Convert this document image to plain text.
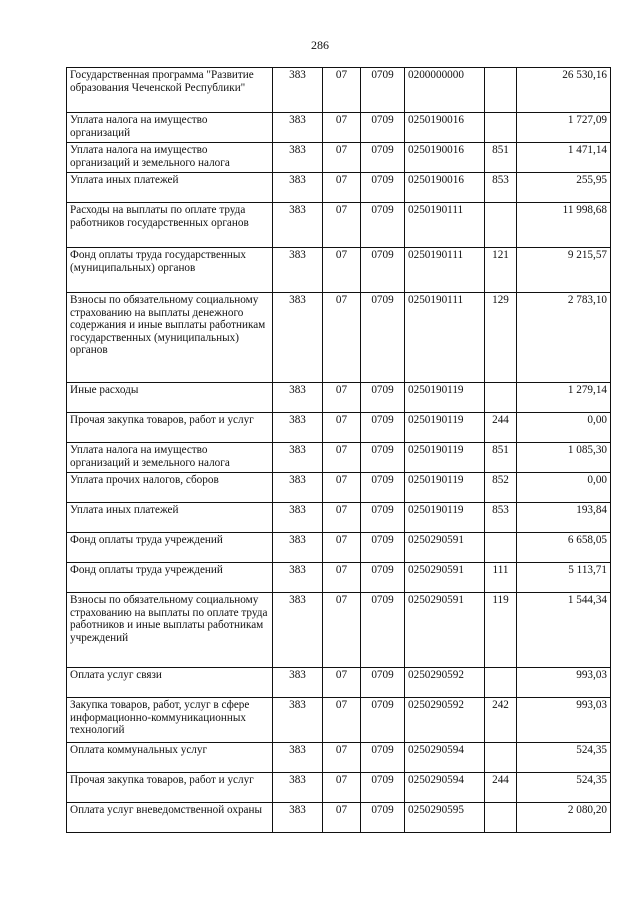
286
Государственная программа "Развитие образования Чеченской Республики"	383	07	0709	0200000000		26 530,16
Уплата налога на имущество организаций	383	07	0709	0250190016		1 727,09
Уплата налога на имущество организаций и земельного налога	383	07	0709	0250190016	851	1 471,14
Уплата иных платежей	383	07	0709	0250190016	853	255,95
Расходы на выплаты по оплате труда работников государственных органов	383	07	0709	0250190111		11 998,68
Фонд оплаты труда государственных (муниципальных) органов	383	07	0709	0250190111	121	9 215,57
Взносы по обязательному социальному страхованию на выплаты денежного содержания и иные выплаты работникам государственных (муниципальных) органов	383	07	0709	0250190111	129	2 783,10
Иные расходы	383	07	0709	0250190119		1 279,14
Прочая закупка товаров, работ и услуг	383	07	0709	0250190119	244	0,00
Уплата налога на имущество организаций и земельного налога	383	07	0709	0250190119	851	1 085,30
Уплата прочих налогов, сборов	383	07	0709	0250190119	852	0,00
Уплата иных платежей	383	07	0709	0250190119	853	193,84
Фонд оплаты труда учреждений	383	07	0709	0250290591		6 658,05
Фонд оплаты труда учреждений	383	07	0709	0250290591	111	5 113,71
Взносы по обязательному социальному страхованию на выплаты по оплате труда работников и иные выплаты работникам учреждений	383	07	0709	0250290591	119	1 544,34
Оплата услуг связи	383	07	0709	0250290592		993,03
Закупка товаров, работ, услуг в сфере информационно-коммуникационных технологий	383	07	0709	0250290592	242	993,03
Оплата коммунальных услуг	383	07	0709	0250290594		524,35
Прочая закупка товаров, работ и услуг	383	07	0709	0250290594	244	524,35
Оплата услуг вневедомственной охраны	383	07	0709	0250290595		2 080,20
